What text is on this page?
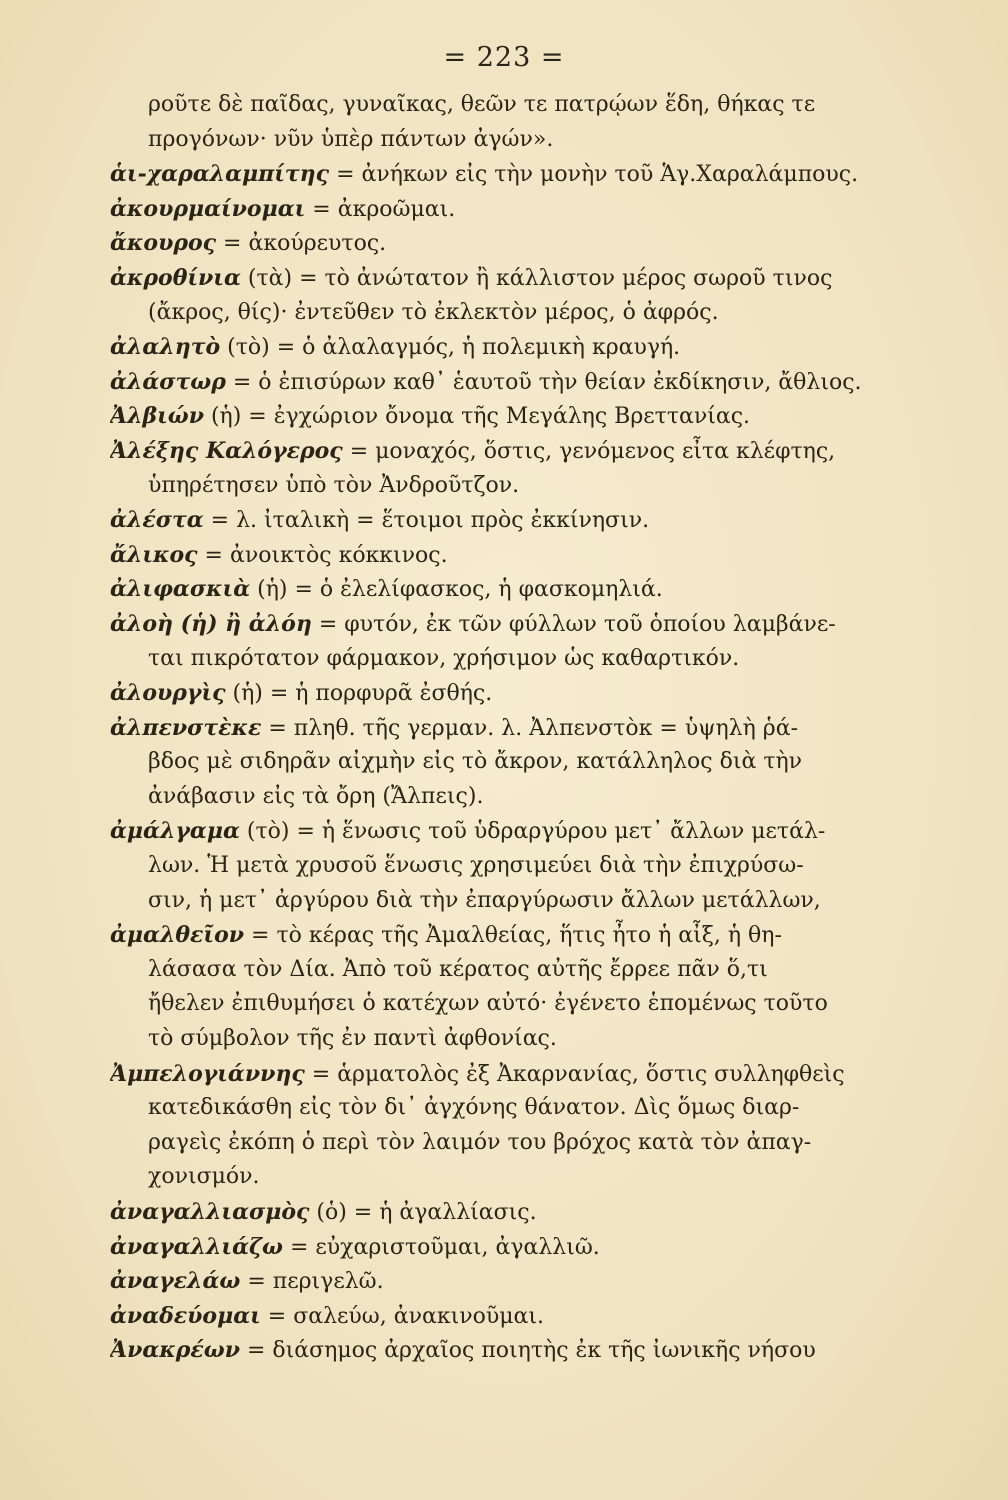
= 223 =
ροῦτε δὲ παῖδας, γυναῖκας, θεῶν τε πατρῴων ἕδη, θήκας τε
προγόνων· νῦν ὑπὲρ πάντων ἀγών».
ἁι-χαραλαμπίτης = ἀνήκων εἰς τὴν μονὴν τοῦ Ἁγ.Χαραλάμπους.
ἀκουρμαίνομαι = ἀκροῶμαι.
ἄκουρος = ἀκούρευτος.
ἀκροθίνια (τὰ) = τὸ ἀνώτατον ἢ κάλλιστον μέρος σωροῦ τινος
(ἄκρος, θίς)· ἐντεῦθεν τὸ ἐκλεκτὸν μέρος, ὁ ἀφρός.
ἀλαλητὸ (τὸ) = ὁ ἀλαλαγμός, ἡ πολεμικὴ κραυγή.
ἀλάστωρ = ὁ ἐπισύρων καθ᾿ ἑαυτοῦ τὴν θείαν ἐκδίκησιν, ἄθλιος.
Ἀλβιών (ἡ) = ἐγχώριον ὄνομα τῆς Μεγάλης Βρεττανίας.
Ἀλέξης Καλόγερος = μοναχός, ὅστις, γενόμενος εἶτα κλέφτης,
ὑπηρέτησεν ὑπὸ τὸν Ἀνδροῦτζον.
ἀλέστα = λ. ἰταλικὴ = ἕτοιμοι πρὸς ἐκκίνησιν.
ἄλικος = ἀνοικτὸς κόκκινος.
ἀλιφασκιὰ (ἡ) = ὁ ἐλελίφασκος, ἡ φασκομηλιά.
ἀλοὴ (ἡ) ἢ ἀλόη = φυτόν, ἐκ τῶν φύλλων τοῦ ὁποίου λαμβάνε-
ται πικρότατον φάρμακον, χρήσιμον ὡς καθαρτικόν.
ἀλουργὶς (ἡ) = ἡ πορφυρᾶ ἐσθής.
ἀλπενστὲκε = πληθ. τῆς γερμαν. λ. Ἀλπενστὸκ = ὑψηλὴ ῥά-
βδος μὲ σιδηρᾶν αἰχμὴν εἰς τὸ ἄκρον, κατάλληλος διὰ τὴν
ἀνάβασιν εἰς τὰ ὄρη (Ἄλπεις).
ἀμάλγαμα (τὸ) = ἡ ἕνωσις τοῦ ὑδραργύρου μετ᾿ ἄλλων μετάλ-
λων. Ἡ μετὰ χρυσοῦ ἕνωσις χρησιμεύει διὰ τὴν ἐπιχρύσω-
σιν, ἡ μετ᾿ ἀργύρου διὰ τὴν ἐπαργύρωσιν ἄλλων μετάλλων,
ἀμαλθεῖον = τὸ κέρας τῆς Ἀμαλθείας, ἥτις ἦτο ἡ αἶξ, ἡ θη-
λάσασα τὸν Δία. Ἀπὸ τοῦ κέρατος αὐτῆς ἔρρεε πᾶν ὅ,τι
ἤθελεν ἐπιθυμήσει ὁ κατέχων αὐτό· ἐγένετο ἑπομένως τοῦτο
τὸ σύμβολον τῆς ἐν παντὶ ἀφθονίας.
Ἀμπελογιάννης = ἁρματολὸς ἐξ Ἀκαρνανίας, ὅστις συλληφθεὶς
κατεδικάσθη εἰς τὸν δι᾿ ἀγχόνης θάνατον. Δὶς ὅμως διαρ-
ραγεὶς ἐκόπη ὁ περὶ τὸν λαιμόν του βρόχος κατὰ τὸν ἀπαγ-
χονισμόν.
ἀναγαλλιασμὸς (ὁ) = ἡ ἀγαλλίασις.
ἀναγαλλιάζω = εὐχαριστοῦμαι, ἀγαλλιῶ.
ἀναγελάω = περιγελῶ.
ἀναδεύομαι = σαλεύω, ἀνακινοῦμαι.
Ἀνακρέων = διάσημος ἀρχαῖος ποιητὴς ἐκ τῆς ἰωνικῆς νήσου
